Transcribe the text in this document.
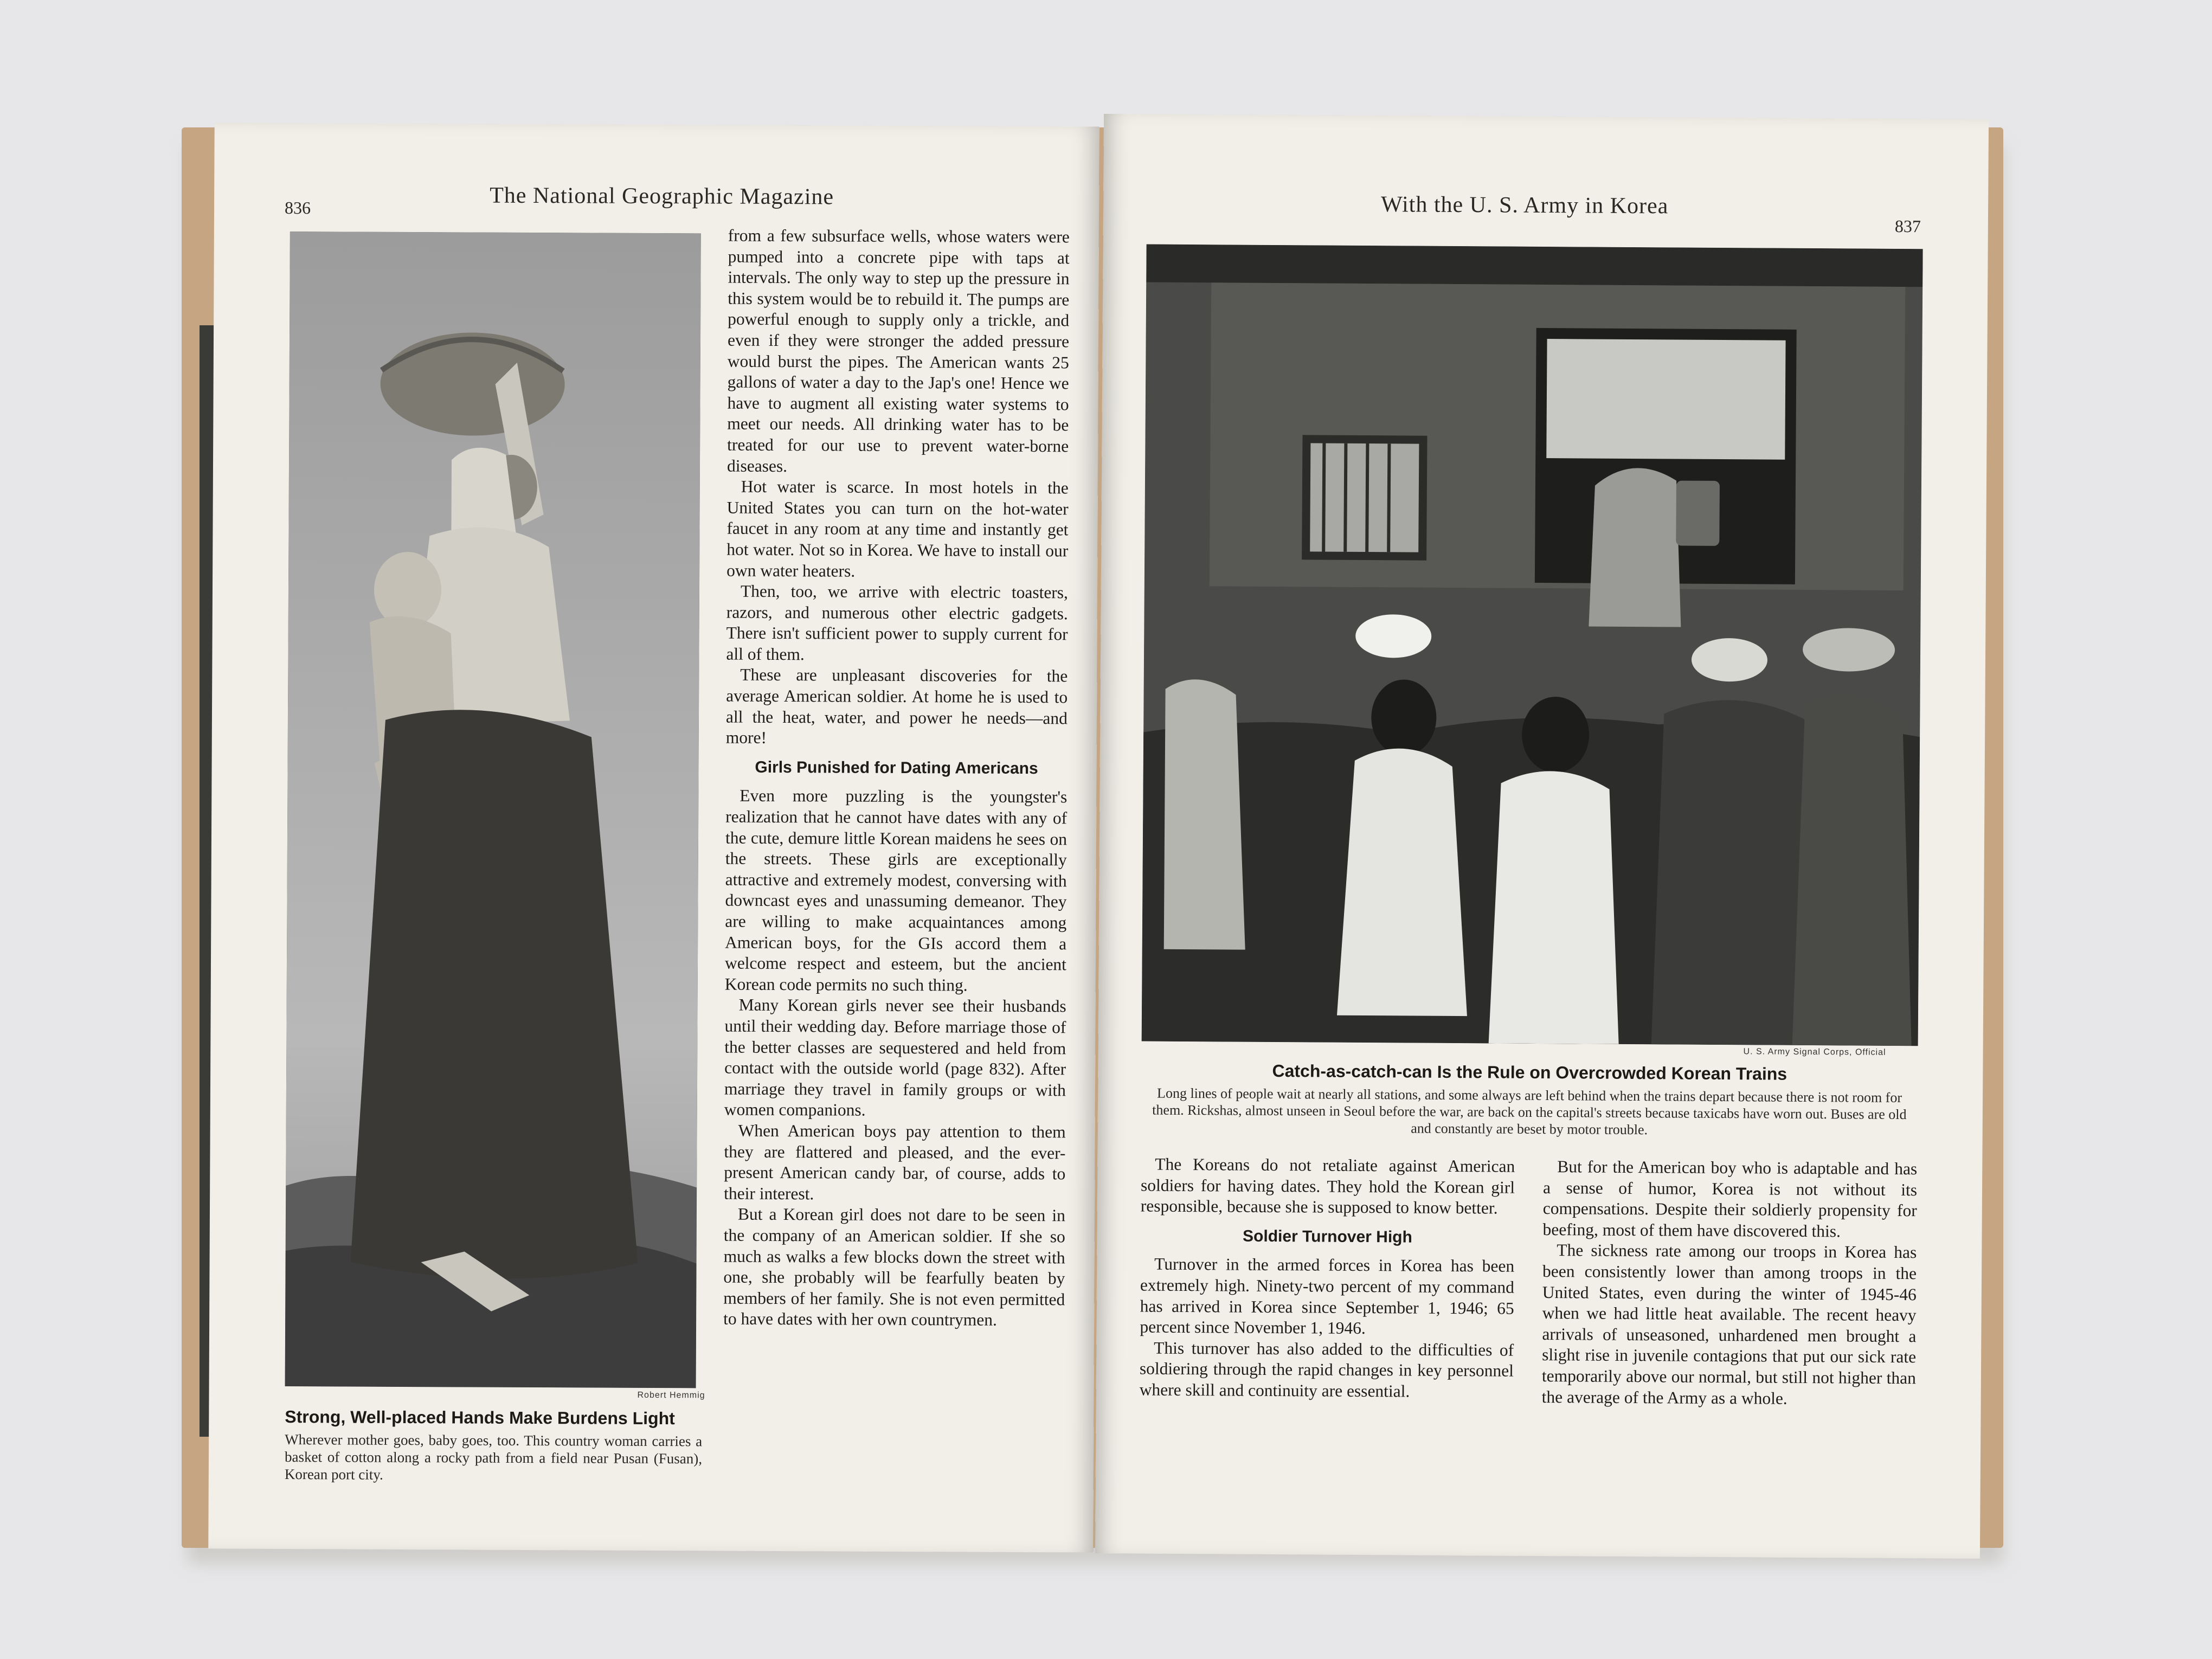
836	The National Geographic Magazine
Robert Hemmig
Strong, Well-placed Hands Make Burdens Light
Wherever mother goes, baby goes, too. This country woman carries a basket of cotton along a rocky path from a field near Pusan (Fusan), Korean port city.

from a few subsurface wells, whose waters were pumped into a concrete pipe with taps at intervals. The only way to step up the pressure in this system would be to rebuild it. The pumps are powerful enough to supply only a trickle, and even if they were stronger the added pressure would burst the pipes. The American wants 25 gallons of water a day to the Jap's one! Hence we have to augment all existing water systems to meet our needs. All drinking water has to be treated for our use to prevent water-borne diseases.

Hot water is scarce. In most hotels in the United States you can turn on the hot-water faucet in any room at any time and instantly get hot water. Not so in Korea. We have to install our own water heaters.

Then, too, we arrive with electric toasters, razors, and numerous other electric gadgets. There isn't sufficient power to supply current for all of them.

These are unpleasant discoveries for the average American soldier. At home he is used to all the heat, water, and power he needs—and more!

Girls Punished for Dating Americans

Even more puzzling is the youngster's realization that he cannot have dates with any of the cute, demure little Korean maidens he sees on the streets. These girls are exceptionally attractive and extremely modest, conversing with downcast eyes and unassuming demeanor. They are willing to make acquaintances among American boys, for the GIs accord them a welcome respect and esteem, but the ancient Korean code permits no such thing.

Many Korean girls never see their husbands until their wedding day. Before marriage those of the better classes are sequestered and held from contact with the outside world (page 832). After marriage they travel in family groups or with women companions.

When American boys pay attention to them they are flattered and pleased, and the ever-present American candy bar, of course, adds to their interest.

But a Korean girl does not dare to be seen in the company of an American soldier. If she so much as walks a few blocks down the street with one, she probably will be fearfully beaten by members of her family. She is not even permitted to have dates with her own countrymen.

With the U. S. Army in Korea
837
U. S. Army Signal Corps, Official
Catch-as-catch-can Is the Rule on Overcrowded Korean Trains
Long lines of people wait at nearly all stations, and some always are left behind when the trains depart because there is not room for them. Rickshas, almost unseen in Seoul before the war, are back on the capital's streets because taxicabs have worn out. Buses are old and constantly are beset by motor trouble.

The Koreans do not retaliate against American soldiers for having dates. They hold the Korean girl responsible, because she is supposed to know better.

Soldier Turnover High

Turnover in the armed forces in Korea has been extremely high. Ninety-two percent of my command has arrived in Korea since September 1, 1946; 65 percent since November 1, 1946.

This turnover has also added to the difficulties of soldiering through the rapid changes in key personnel where skill and continuity are essential.

But for the American boy who is adaptable and has a sense of humor, Korea is not without its compensations. Despite their soldierly propensity for beefing, most of them have discovered this.

The sickness rate among our troops in Korea has been consistently lower than among troops in the United States, even during the winter of 1945-46 when we had little heat available. The recent heavy arrivals of unseasoned, unhardened men brought a slight rise in juvenile contagions that put our sick rate temporarily above our normal, but still not higher than the average of the Army as a whole.
